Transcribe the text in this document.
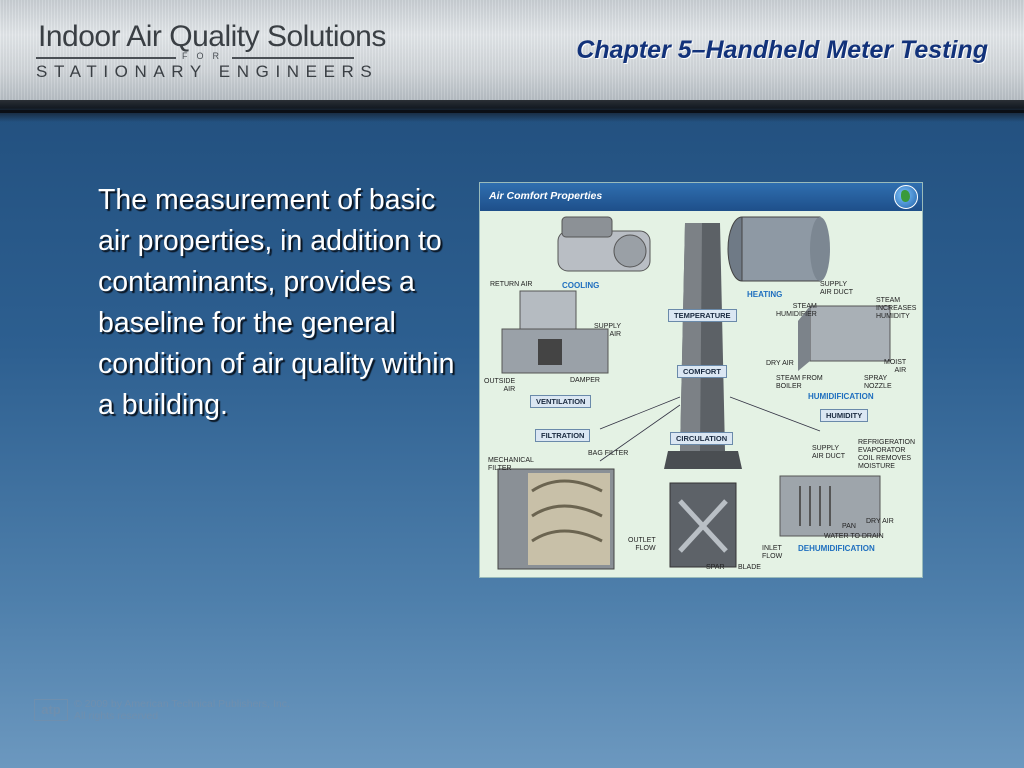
Indoor Air Quality Solutions
FOR
STATIONARY ENGINEERS
Chapter 5–Handheld Meter Testing
The measurement of basic air properties, in addition to contaminants, provides a baseline for the general condition of air quality within a building.
Air Comfort Properties
COOLING
HEATING
HUMIDIFICATION
DEHUMIDIFICATION
TEMPERATURE
COMFORT
VENTILATION
HUMIDITY
FILTRATION	CIRCULATION
RETURN AIR
SUPPLY
AIR
OUTSIDE
AIR
DAMPER
SUPPLY
AIR DUCT
STEAM
HUMIDIFIER
STEAM
INCREASES
HUMIDITY
DRY AIR	MOIST
AIR
STEAM FROM
BOILER
SPRAY
NOZZLE
MECHANICAL
FILTER
BAG FILTER
SUPPLY
AIR DUCT
REFRIGERATION
EVAPORATOR
COIL REMOVES
MOISTURE
DRY AIR
PAN
WATER TO DRAIN
OUTLET
FLOW	INLET
FLOW
SPAR BLADE
atp	© 2009 by American Technical Publishers, Inc.
All rights reserved
